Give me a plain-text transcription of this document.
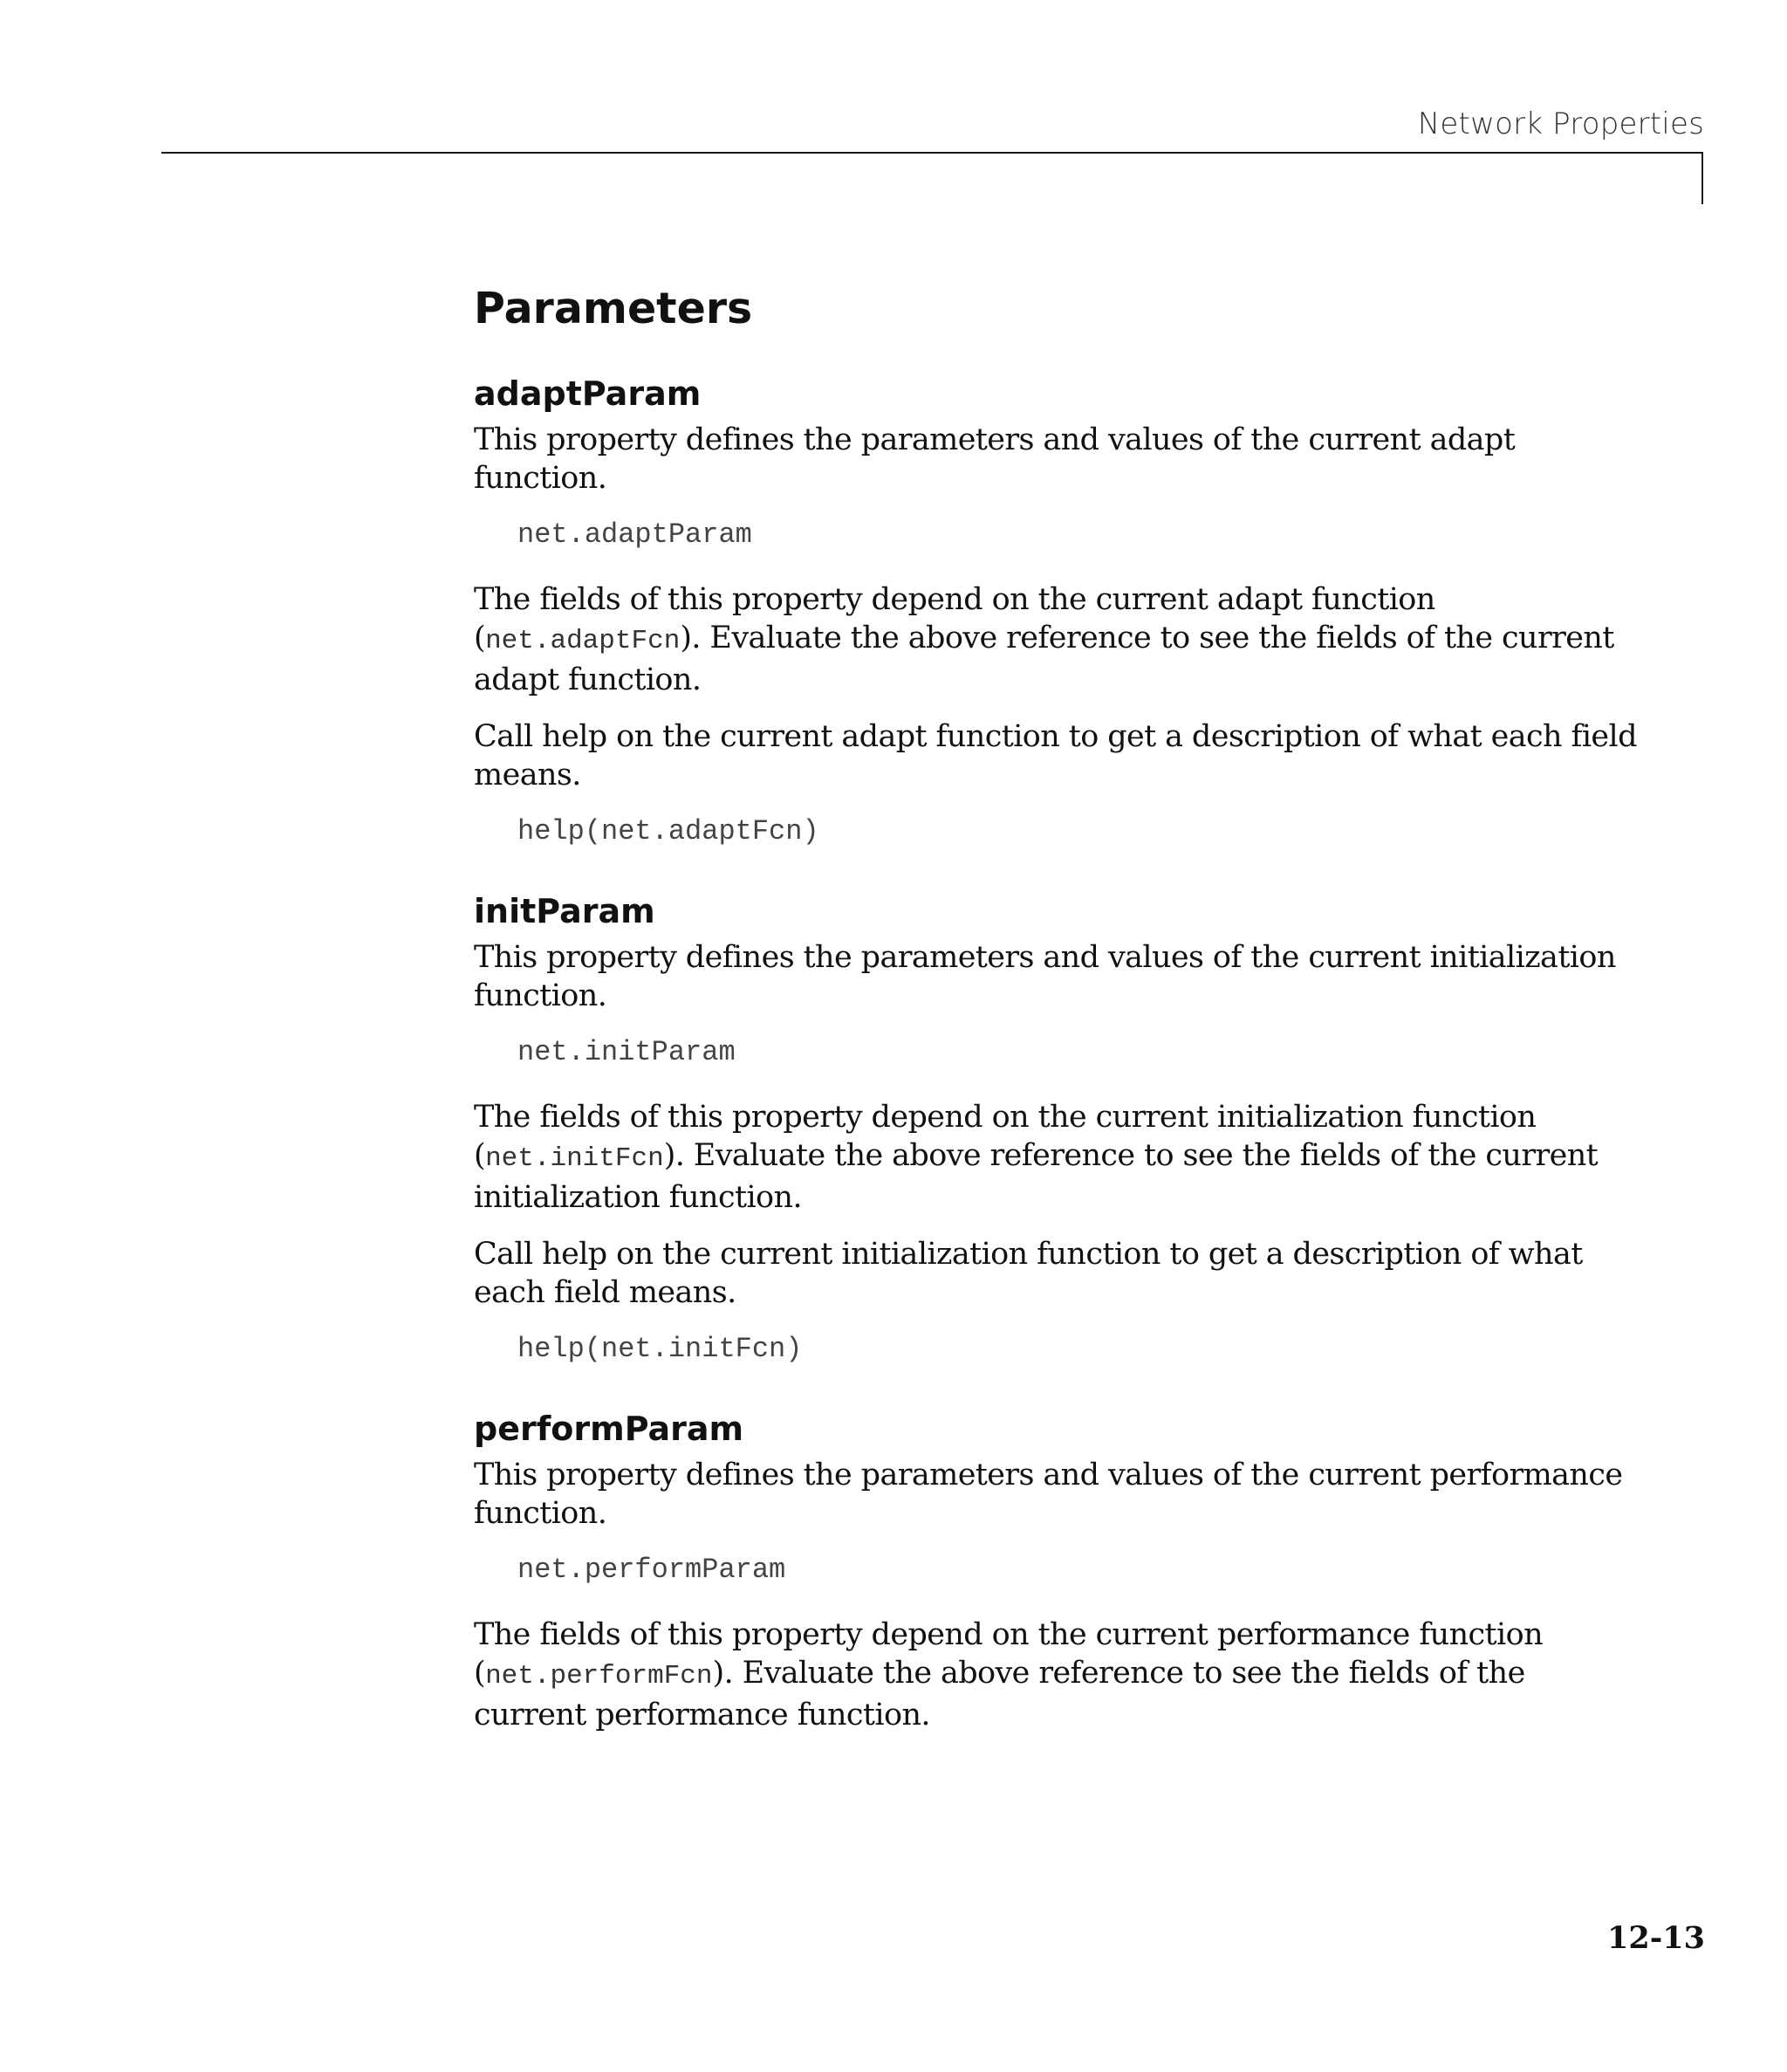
Network Properties
Parameters
adaptParam

This property defines the parameters and values of the current adapt function.

net.adaptParam

The fields of this property depend on the current adapt function (net.adaptFcn). Evaluate the above reference to see the fields of the current adapt function.

Call help on the current adapt function to get a description of what each field means.

help(net.adaptFcn)
initParam

This property defines the parameters and values of the current initialization function.

net.initParam

The fields of this property depend on the current initialization function (net.initFcn). Evaluate the above reference to see the fields of the current initialization function.

Call help on the current initialization function to get a description of what each field means.

help(net.initFcn)
performParam

This property defines the parameters and values of the current performance function.

net.performParam

The fields of this property depend on the current performance function (net.performFcn). Evaluate the above reference to see the fields of the current performance function.

12-13
